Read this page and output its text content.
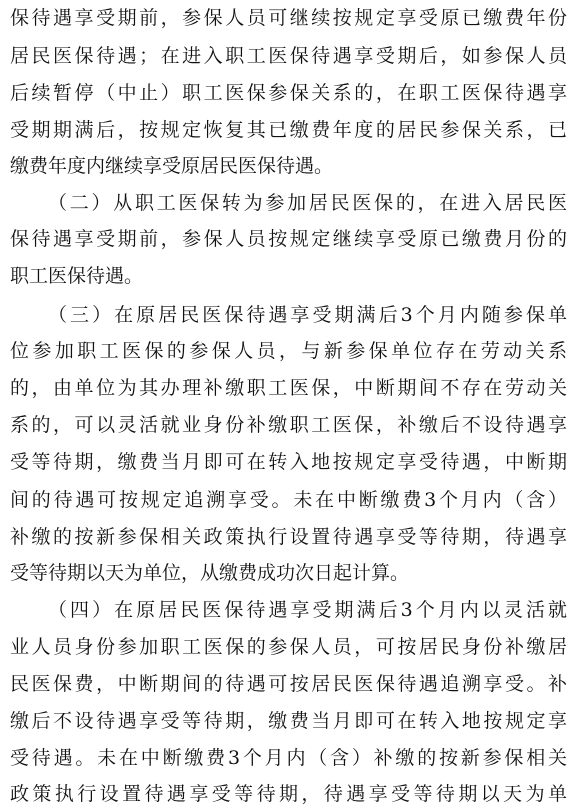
保待遇享受期前，参保人员可继续按规定享受原已缴费年份
居民医保待遇；在进入职工医保待遇享受期后，如参保人员
后续暂停（中止）职工医保参保关系的，在职工医保待遇享
受期期满后，按规定恢复其已缴费年度的居民参保关系，已
缴费年度内继续享受原居民医保待遇。
（二）从职工医保转为参加居民医保的，在进入居民医
保待遇享受期前，参保人员按规定继续享受原已缴费月份的
职工医保待遇。
（三）在原居民医保待遇享受期满后3个月内随参保单
位参加职工医保的参保人员，与新参保单位存在劳动关系
的，由单位为其办理补缴职工医保，中断期间不存在劳动关
系的，可以灵活就业身份补缴职工医保，补缴后不设待遇享
受等待期，缴费当月即可在转入地按规定享受待遇，中断期
间的待遇可按规定追溯享受。未在中断缴费3个月内（含）
补缴的按新参保相关政策执行设置待遇享受等待期，待遇享
受等待期以天为单位，从缴费成功次日起计算。
（四）在原居民医保待遇享受期满后3个月内以灵活就
业人员身份参加职工医保的参保人员，可按居民身份补缴居
民医保费，中断期间的待遇可按居民医保待遇追溯享受。补
缴后不设待遇享受等待期，缴费当月即可在转入地按规定享
受待遇。未在中断缴费3个月内（含）补缴的按新参保相关
政策执行设置待遇享受等待期，待遇享受等待期以天为单
